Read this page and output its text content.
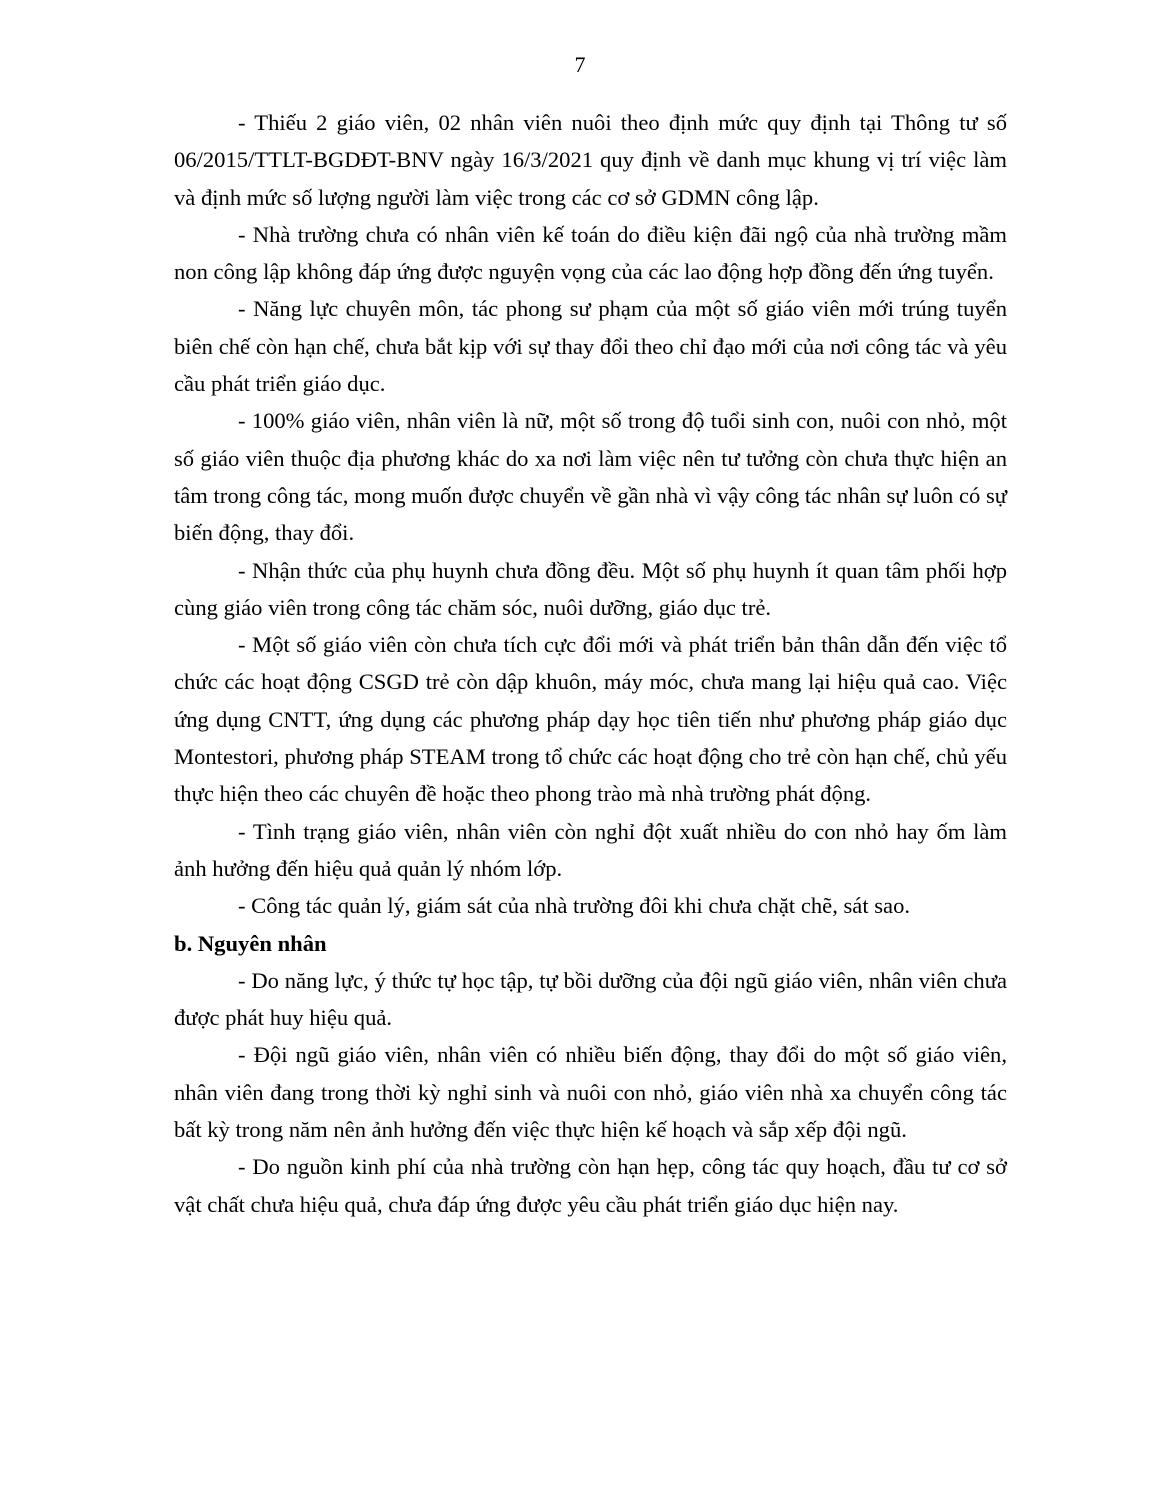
7

- Thiếu 2 giáo viên, 02 nhân viên nuôi theo định mức quy định tại Thông tư số 06/2015/TTLT-BGDĐT-BNV ngày 16/3/2021 quy định về danh mục khung vị trí việc làm và định mức số lượng người làm việc trong các cơ sở GDMN công lập.

- Nhà trường chưa có nhân viên kế toán do điều kiện đãi ngộ của nhà trường mầm non công lập không đáp ứng được nguyện vọng của các lao động hợp đồng đến ứng tuyển.

- Năng lực chuyên môn, tác phong sư phạm của một số giáo viên mới trúng tuyển biên chế còn hạn chế, chưa bắt kịp với sự thay đổi theo chỉ đạo mới của nơi công tác và yêu cầu phát triển giáo dục.

- 100% giáo viên, nhân viên là nữ, một số trong độ tuổi sinh con, nuôi con nhỏ, một số giáo viên thuộc địa phương khác do xa nơi làm việc nên tư tưởng còn chưa thực hiện an tâm trong công tác, mong muốn được chuyển về gần nhà vì vậy công tác nhân sự luôn có sự biến động, thay đổi.

- Nhận thức của phụ huynh chưa đồng đều. Một số phụ huynh ít quan tâm phối hợp cùng giáo viên trong công tác chăm sóc, nuôi dưỡng, giáo dục trẻ.

- Một số giáo viên còn chưa tích cực đổi mới và phát triển bản thân dẫn đến việc tổ chức các hoạt động CSGD trẻ còn dập khuôn, máy móc, chưa mang lại hiệu quả cao. Việc ứng dụng CNTT, ứng dụng các phương pháp dạy học tiên tiến như phương pháp giáo dục Montestori, phương pháp STEAM trong tổ chức các hoạt động cho trẻ còn hạn chế, chủ yếu thực hiện theo các chuyên đề hoặc theo phong trào mà nhà trường phát động.

- Tình trạng giáo viên, nhân viên còn nghỉ đột xuất nhiều do con nhỏ hay ốm làm ảnh hưởng đến hiệu quả quản lý nhóm lớp.

- Công tác quản lý, giám sát của nhà trường đôi khi chưa chặt chẽ, sát sao.

b. Nguyên nhân

- Do năng lực, ý thức tự học tập, tự bồi dưỡng của đội ngũ giáo viên, nhân viên chưa được phát huy hiệu quả.

- Đội ngũ giáo viên, nhân viên có nhiều biến động, thay đổi do một số giáo viên, nhân viên đang trong thời kỳ nghỉ sinh và nuôi con nhỏ, giáo viên nhà xa chuyển công tác bất kỳ trong năm nên ảnh hưởng đến việc thực hiện kế hoạch và sắp xếp đội ngũ.

- Do nguồn kinh phí của nhà trường còn hạn hẹp, công tác quy hoạch, đầu tư cơ sở vật chất chưa hiệu quả, chưa đáp ứng được yêu cầu phát triển giáo dục hiện nay.
